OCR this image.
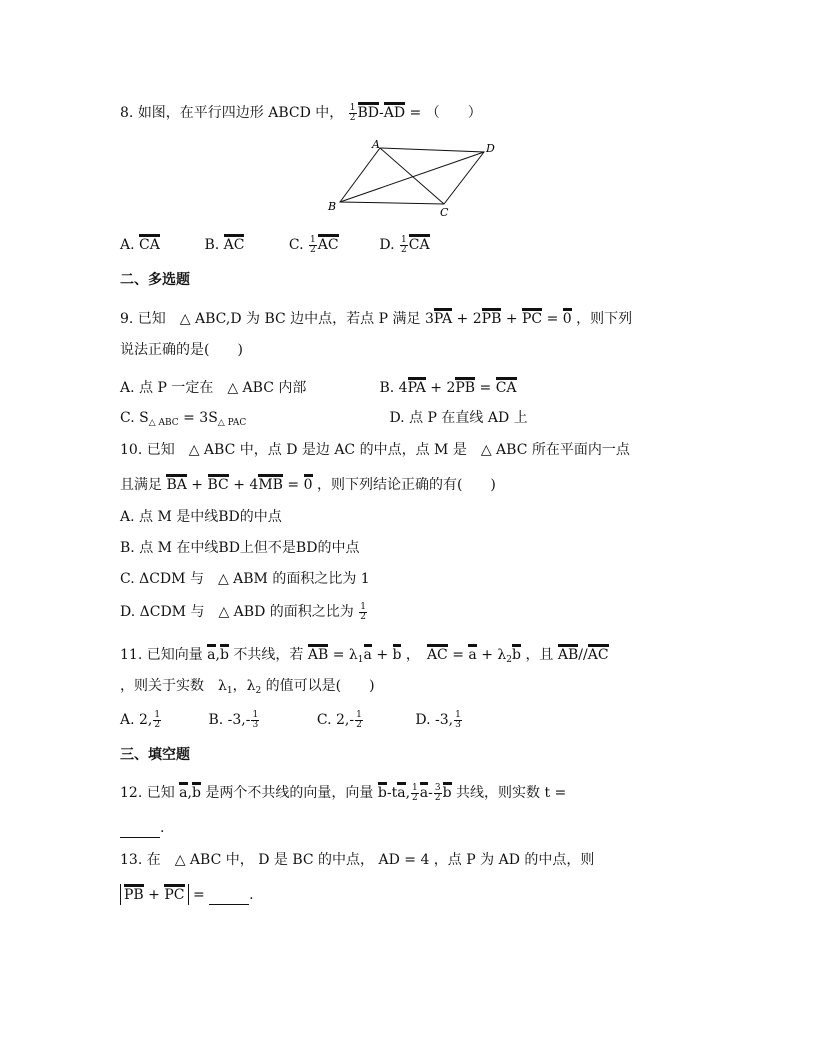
8. 如图，在平行四边形 ABCD 中， $\frac{1}{2} BD-AD$ = （　　）
A	D
B	C
A. CA	B. AC	C. $\frac{1}{2}$ AC	D. $\frac{1}{2}$ CA
二、多选题
9. 已知　△ ABC,D 为 BC 边中点，若点 P 满足 3PA + 2PB + PC = 0 ，则下列
说法正确的是(　　)
A. 点 P 一定在　△ ABC 内部	B. 4PA + 2PB = CA
C. $S_{\triangle ABC} = 3S_{\triangle PAC}$	D. 点 P 在直线 AD 上
10. 已知　△ ABC 中，点 D 是边 AC 的中点，点 M 是　△ ABC 所在平面内一点
且满足 BA + BC + 4MB = 0 ，则下列结论正确的有(　　)
A. 点 M 是中线BD的中点
B. 点 M 在中线BD上但不是BD的中点
C. ΔCDM 与　△ ABM 的面积之比为 1
D. ΔCDM 与　△ ABD 的面积之比为 $\frac{1}{2}$
11. 已知向量 a,b 不共线，若 AB = $\lambda_1a + b$ ，　AC = $a + \lambda_2b$ ，且 AB//AC
，则关于实数　$\lambda_1$，$\lambda_2$ 的值可以是(　　)
A. 2, $\frac{1}{2}$	B. $-3,- \frac{1}{3}$	C. $2,- \frac{1}{2}$	D. -3, $\frac{1}{3}$
三、填空题
12. 已知 a,b 是两个不共线的向量，向量 b-ta, $\frac{1}{2} a- \frac{3}{2}$ b 共线，则实数 t =
.
13. 在　△ ABC 中， D 是 BC 的中点， AD = 4 ，点 P 为 AD 的中点，则
PB + PC =	.
